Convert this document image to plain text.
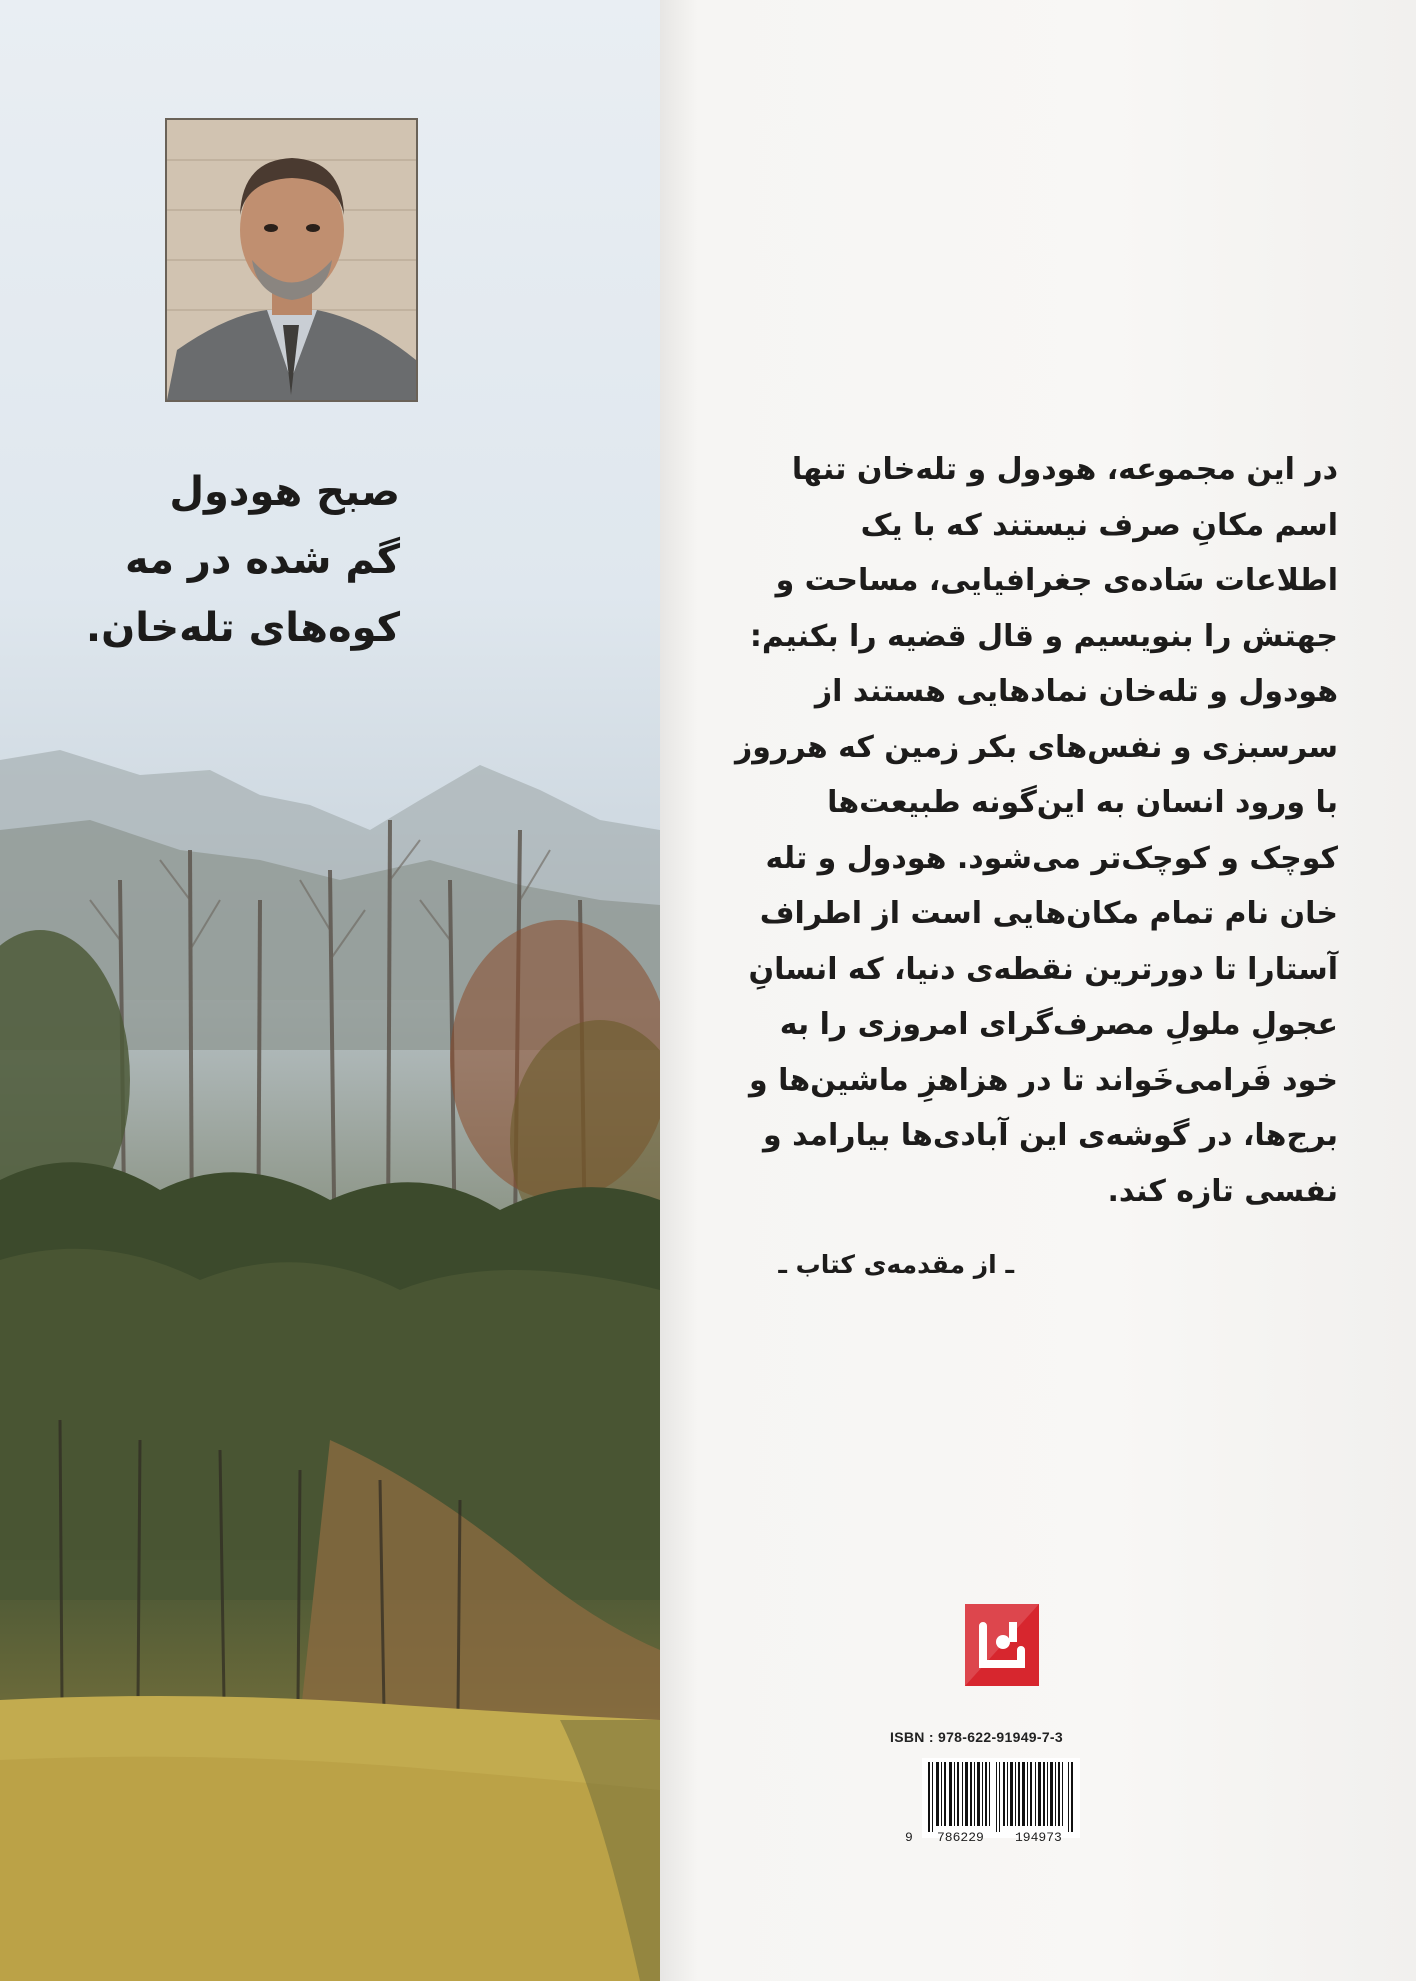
صبح هودول
گم شده در مه
کوه‌های تله‌خان.
در این مجموعه، هودول و تله‌خان تنها
اسم مکانِ صرف نیستند که با یک
اطلاعات سَاده‌ی جغرافیایی، مساحت و
جهتش را بنویسیم و قال قضیه را بکنیم:
هودول و تله‌خان نمادهایی هستند از
سرسبزی و نفس‌های بکر زمین که هرروز
با ورود انسان به این‌گونه طبیعت‌ها
کوچک و کوچک‌تر می‌شود. هودول و تله
خان نام تمام مکان‌هایی است از اطراف
آستارا تا دورترین نقطه‌ی دنیا، که انسانِ
عجولِ ملولِ مصرف‌گرای امروزی را به
خود فَرامی‌خَواند تا در هزاهزِ ماشین‌ها و
برج‌ها، در گوشه‌ی این آبادی‌ها بیارامد و
نفسی تازه کند.
ـ از مقدمه‌ی کتاب ـ
ISBN : 978-622-91949-7-3
9 786229 194973
